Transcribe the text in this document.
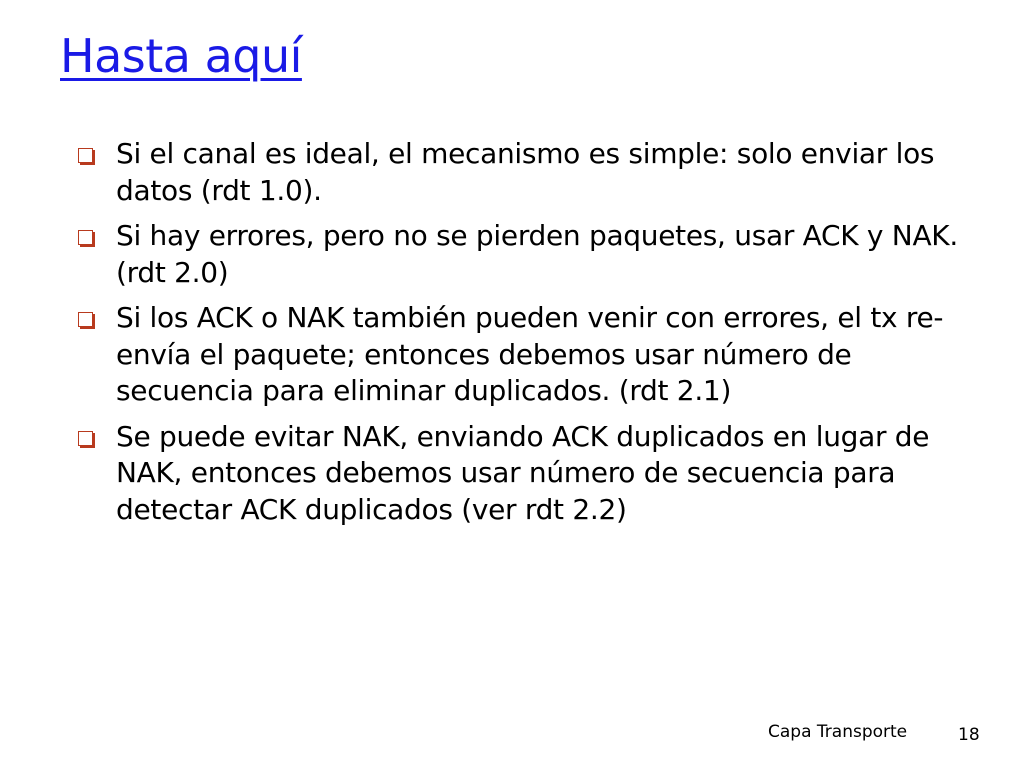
Hasta aquí
Si el canal es ideal, el mecanismo es simple: solo enviar los datos (rdt 1.0).
Si hay errores, pero no se pierden paquetes, usar ACK y NAK. (rdt 2.0)
Si los ACK o NAK también pueden venir con errores, el tx re-envía el paquete; entonces debemos usar número de secuencia para eliminar duplicados. (rdt 2.1)
Se puede evitar NAK, enviando ACK duplicados en lugar de NAK, entonces debemos usar número de secuencia para detectar ACK duplicados (ver rdt 2.2)
Capa Transporte	18
